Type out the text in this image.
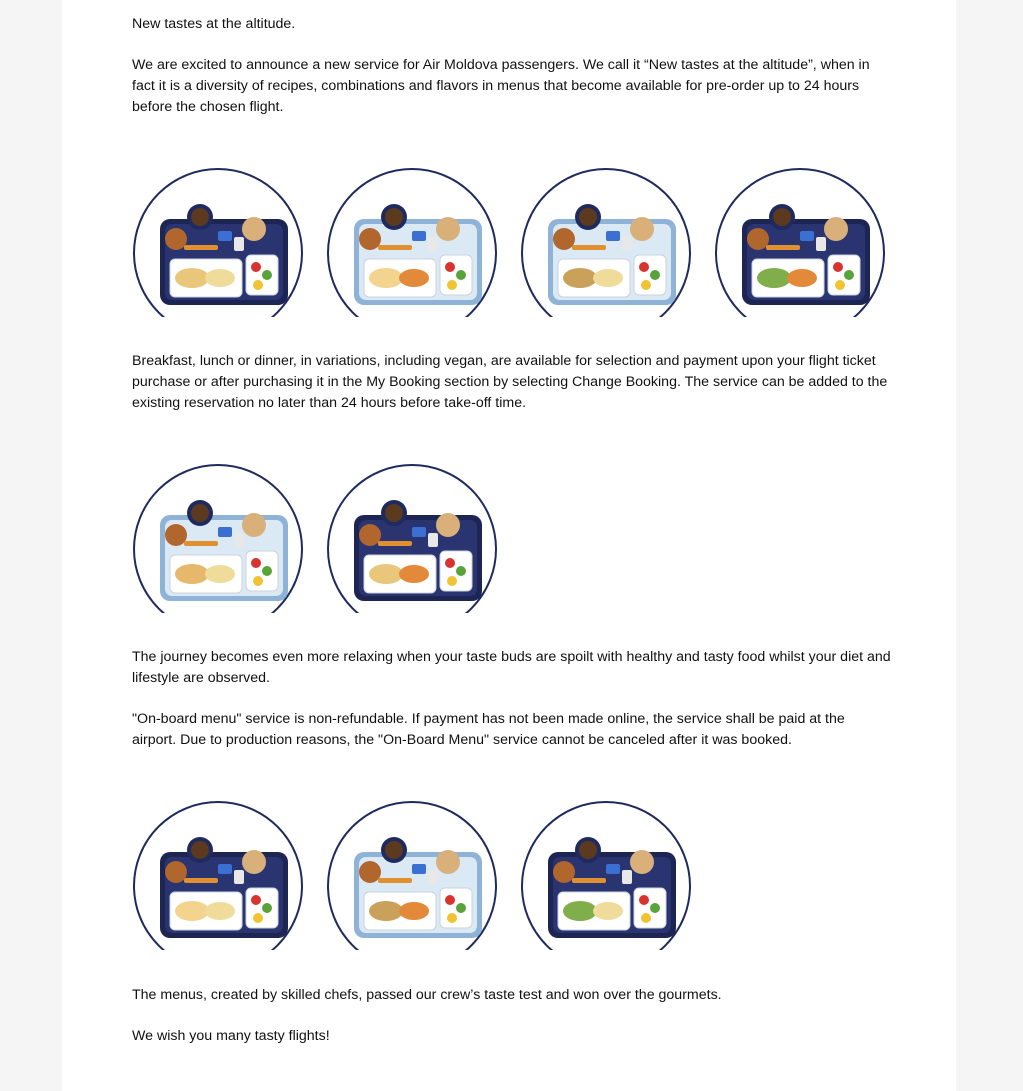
New tastes at the altitude.

We are excited to announce a new service for Air Moldova passengers. We call it “New tastes at the altitude”, when in fact it is a diversity of recipes, combinations and flavors in menus that become available for pre-order up to 24 hours before the chosen flight.

Breakfast, lunch or dinner, in variations, including vegan, are available for selection and payment upon your flight ticket purchase or after purchasing it in the My Booking section by selecting Change Booking. The service can be added to the existing reservation no later than 24 hours before take-off time.

The journey becomes even more relaxing when your taste buds are spoilt with healthy and tasty food whilst your diet and lifestyle are observed.

"On-board menu" service is non-refundable. If payment has not been made online, the service shall be paid at the airport. Due to production reasons, the "On-Board Menu" service cannot be canceled after it was booked.

The menus, created by skilled chefs, passed our crew’s taste test and won over the gourmets.

We wish you many tasty flights!
